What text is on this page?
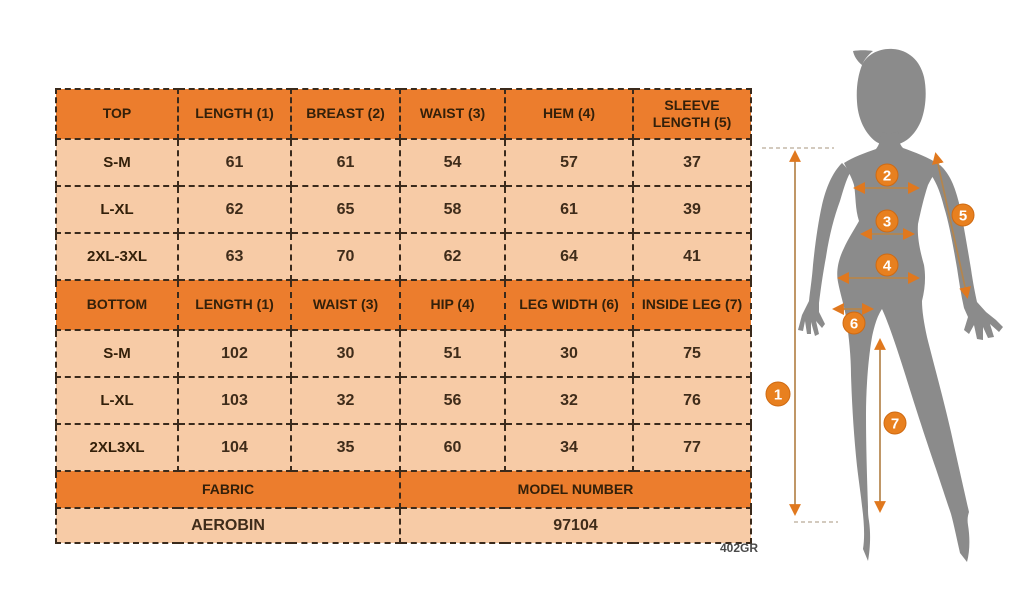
TOP	LENGTH (1)	BREAST (2)	WAIST (3)	HEM (4)	SLEEVE LENGTH (5)
S-M	61	61	54	57	37
L-XL	62	65	58	61	39
2XL-3XL	63	70	62	64	41
BOTTOM	LENGTH (1)	WAIST (3)	HIP (4)	LEG WIDTH (6)	INSIDE LEG (7)
S-M	102	30	51	30	75
L-XL	103	32	56	32	76
2XL3XL	104	35	60	34	77
FABRIC			MODEL NUMBER		
AEROBIN			97104		
402GR
1
2
3
4
5
6
7
